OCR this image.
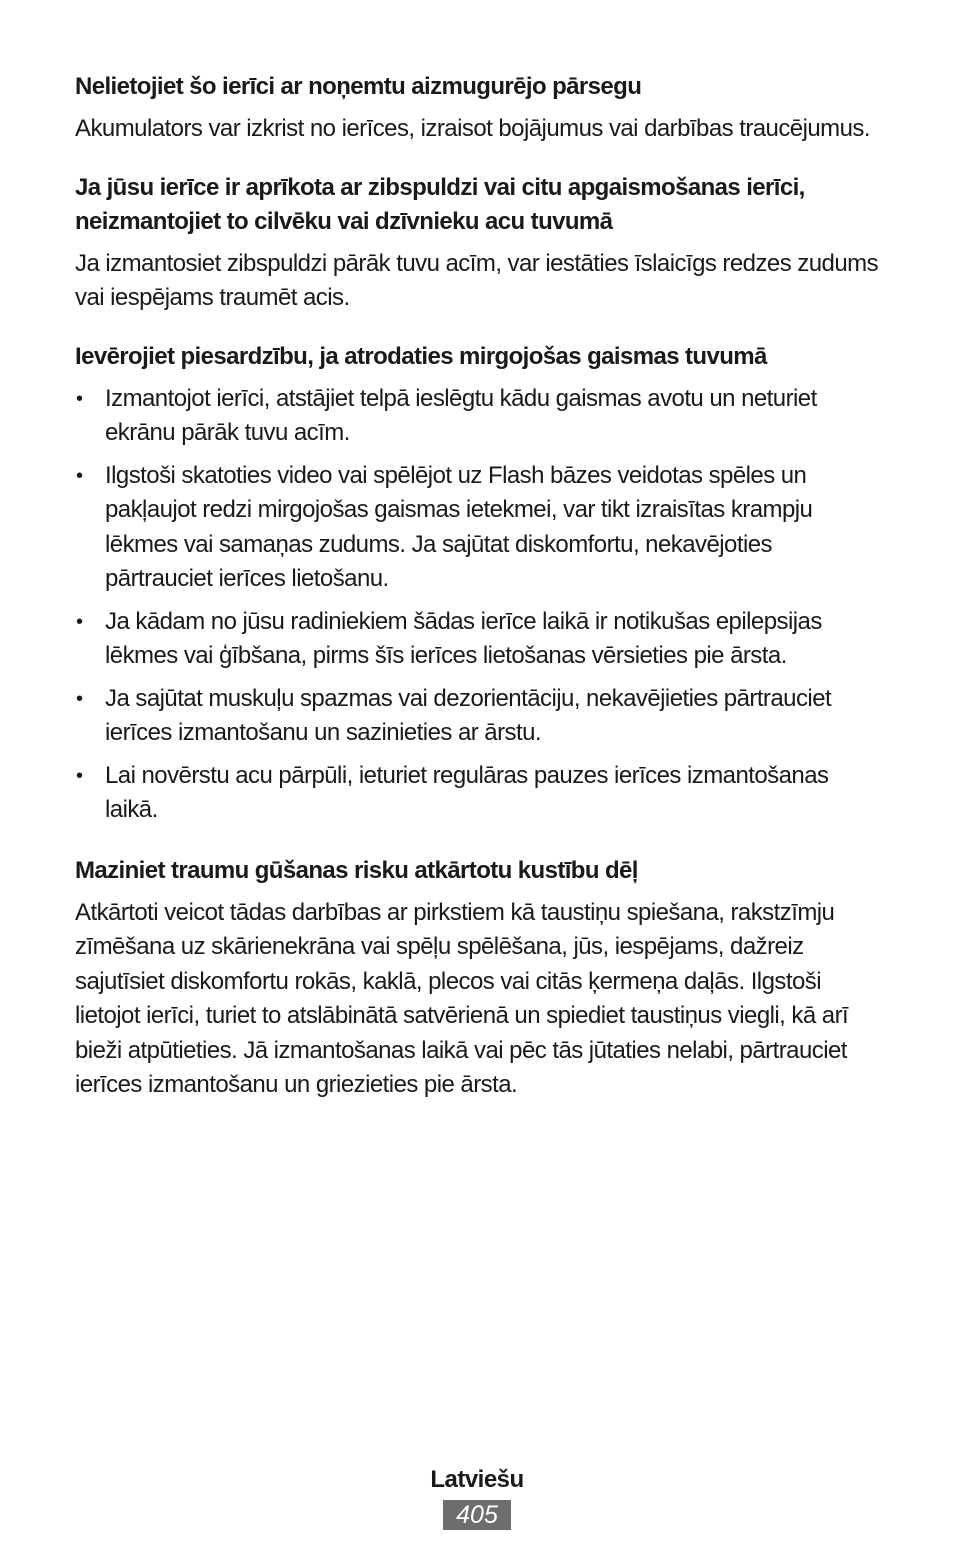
Nelietojiet šo ierīci ar noņemtu aizmugurējo pārsegu

Akumulators var izkrist no ierīces, izraisot bojājumus vai darbības traucējumus.

Ja jūsu ierīce ir aprīkota ar zibspuldzi vai citu apgaismošanas ierīci, neizmantojiet to cilvēku vai dzīvnieku acu tuvumā

Ja izmantosiet zibspuldzi pārāk tuvu acīm, var iestāties īslaicīgs redzes zudums vai iespējams traumēt acis.

Ievērojiet piesardzību, ja atrodaties mirgojošas gaismas tuvumā
• Izmantojot ierīci, atstājiet telpā ieslēgtu kādu gaismas avotu un neturiet ekrānu pārāk tuvu acīm.
• Ilgstoši skatoties video vai spēlējot uz Flash bāzes veidotas spēles un pakļaujot redzi mirgojošas gaismas ietekmei, var tikt izraisītas krampju lēkmes vai samaņas zudums. Ja sajūtat diskomfortu, nekavējoties pārtrauciet ierīces lietošanu.
• Ja kādam no jūsu radiniekiem šādas ierīce laikā ir notikušas epilepsijas lēkmes vai ģībšana, pirms šīs ierīces lietošanas vērsieties pie ārsta.
• Ja sajūtat muskuļu spazmas vai dezorientāciju, nekavējieties pārtrauciet ierīces izmantošanu un sazinieties ar ārstu.
• Lai novērstu acu pārpūli, ieturiet regulāras pauzes ierīces izmantošanas laikā.
Maziniet traumu gūšanas risku atkārtotu kustību dēļ

Atkārtoti veicot tādas darbības ar pirkstiem kā taustiņu spiešana, rakstzīmju zīmēšana uz skārienekrāna vai spēļu spēlēšana, jūs, iespējams, dažreiz sajutīsiet diskomfortu rokās, kaklā, plecos vai citās ķermeņa daļās. Ilgstoši lietojot ierīci, turiet to atslābinātā satvērienā un spiediet taustiņus viegli, kā arī bieži atpūtieties. Jā izmantošanas laikā vai pēc tās jūtaties nelabi, pārtrauciet ierīces izmantošanu un griezieties pie ārsta.

Latviešu
405
